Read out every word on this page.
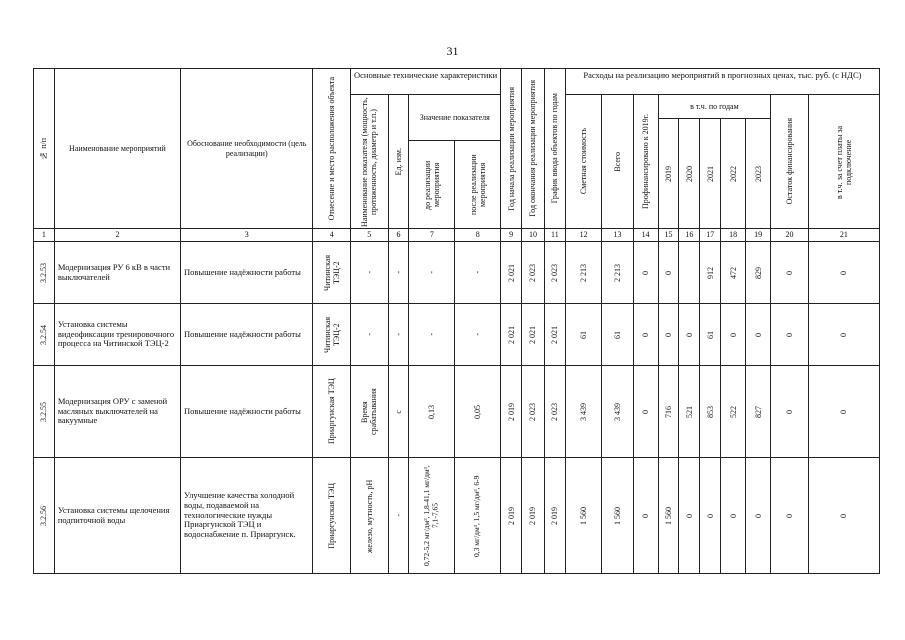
31
№ п/п	Наименование мероприятий	Обоснование необходимости (цель реализации)	Отнесение и место расположения объекта	Основные технические характеристики				Год начала реализации мероприятия	Год окончания реализации мероприятия	График ввода объектов по годам	Расходы на реализацию мероприятий в прогнозных ценах, тыс. руб. (с НДС)									

				Наименование показателя (мощность, протяженность, диаметр и т.п.)	Ед. изм.	Значение показателя					Сметная стоимость	Всего	Профинансировано к 2019г.	в т.ч. по годам					Остаток финансирования	в т.ч. за счет платы за подключение

														2019	2020	2021	2022	2023		

						до реализации мероприятия	после реализации мероприятия													

1	2	3	4	5	6	7	8	9	10	11	12	13	14	15	16	17	18	19	20	21

3.2.53	Модернизация РУ 6 кВ в части выключателей	Повышение надёжности работы	Читинская ТЭЦ-2	-	-	-	-	2 021	2 023	2 023	2 213	2 213	0	0		912	472	829	0	0

3.2.54	Установка системы видеофиксации тренировочного процесса на Читинской ТЭЦ-2	Повышение надёжности работы	Читинская ТЭЦ-2	-	-	-	-	2 021	2 021	2 021	61	61	0	0	0	61	0	0	0	0

3.2.55	Модернизация ОРУ с заменой масляных выключателей на вакуумные	Повышение надёжности работы	Приаргунская ТЭЦ	Время срабатывания	с	0,13	0,05	2 019	2 023	2 023	3 439	3 439	0	716	521	853	522	827	0	0

3.2.56	Установка системы щелочения подпиточной воды	Улучшение качества холодной воды, подаваемой на технологические нужды Приаргунской ТЭЦ и водоснабжение п. Приаргунск.	Приаргунская ТЭЦ	железо, мутность, pH	-	0,72-5,2 мг/дм³, 1,8-41,1 мг/дм³, 7,1-7,65	0,3 мг/дм³, 1,5 мг/дм³, 6-9	2 019	2 019	2 019	1 560	1 560	0	1 560	0	0	0	0	0	0
